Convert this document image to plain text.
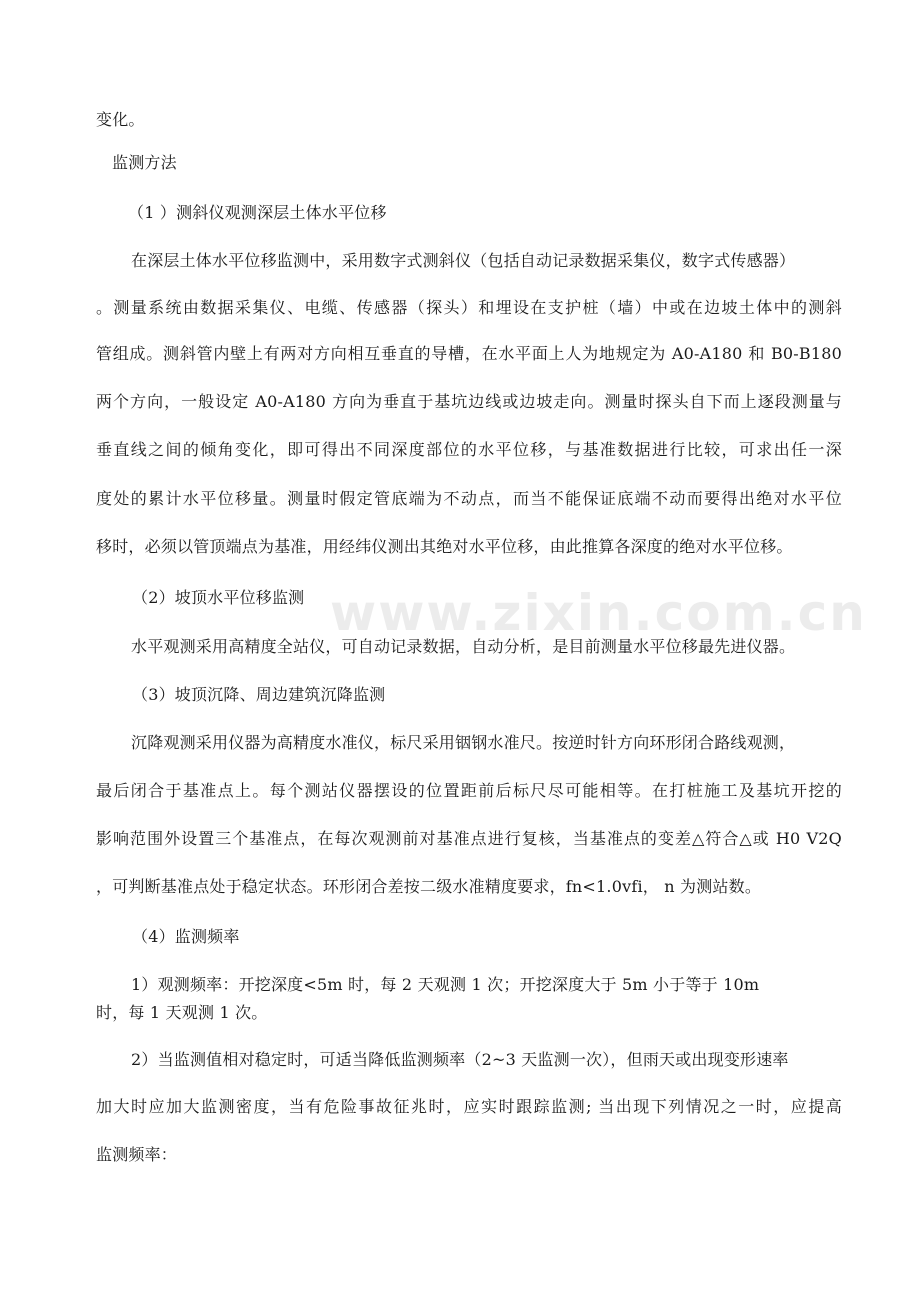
www.zixin.com.cn
变化。
监测方法
（1 ）测斜仪观测深层土体水平位移
在深层土体水平位移监测中，采用数字式测斜仪（包括自动记录数据采集仪，数字式传感器）
。测量系统由数据采集仪、电缆、传感器（探头）和埋设在支护桩（墙）中或在边坡土体中的测斜
管组成。测斜管内壁上有两对方向相互垂直的导槽，在水平面上人为地规定为 A0-A180 和 B0-B180
两个方向，一般设定 A0-A180 方向为垂直于基坑边线或边坡走向。测量时探头自下而上逐段测量与
垂直线之间的倾角变化，即可得出不同深度部位的水平位移，与基准数据进行比较，可求出任一深
度处的累计水平位移量。测量时假定管底端为不动点，而当不能保证底端不动而要得出绝对水平位
移时，必须以管顶端点为基准，用经纬仪测出其绝对水平位移，由此推算各深度的绝对水平位移。
（2）坡顶水平位移监测
水平观测采用高精度全站仪，可自动记录数据，自动分析，是目前测量水平位移最先进仪器。
（3）坡顶沉降、周边建筑沉降监测
沉降观测采用仪器为高精度水准仪，标尺采用铟钢水准尺。按逆时针方向环形闭合路线观测，
最后闭合于基准点上。每个测站仪器摆设的位置距前后标尺尽可能相等。在打桩施工及基坑开挖的
影响范围外设置三个基准点，在每次观测前对基准点进行复核，当基准点的变差△符合△或 H0 V2Q
，可判断基准点处于稳定状态。环形闭合差按二级水准精度要求，fn<1.0vfi， n 为测站数。
（4）监测频率
1）观测频率：开挖深度<5m 时，每 2 天观测 1 次；开挖深度大于 5m 小于等于 10m
时，每 1 天观测 1 次。
2）当监测值相对稳定时，可适当降低监测频率（2~3 天监测一次），但雨天或出现变形速率
加大时应加大监测密度，当有危险事故征兆时，应实时跟踪监测; 当出现下列情况之一时，应提高
监测频率：
